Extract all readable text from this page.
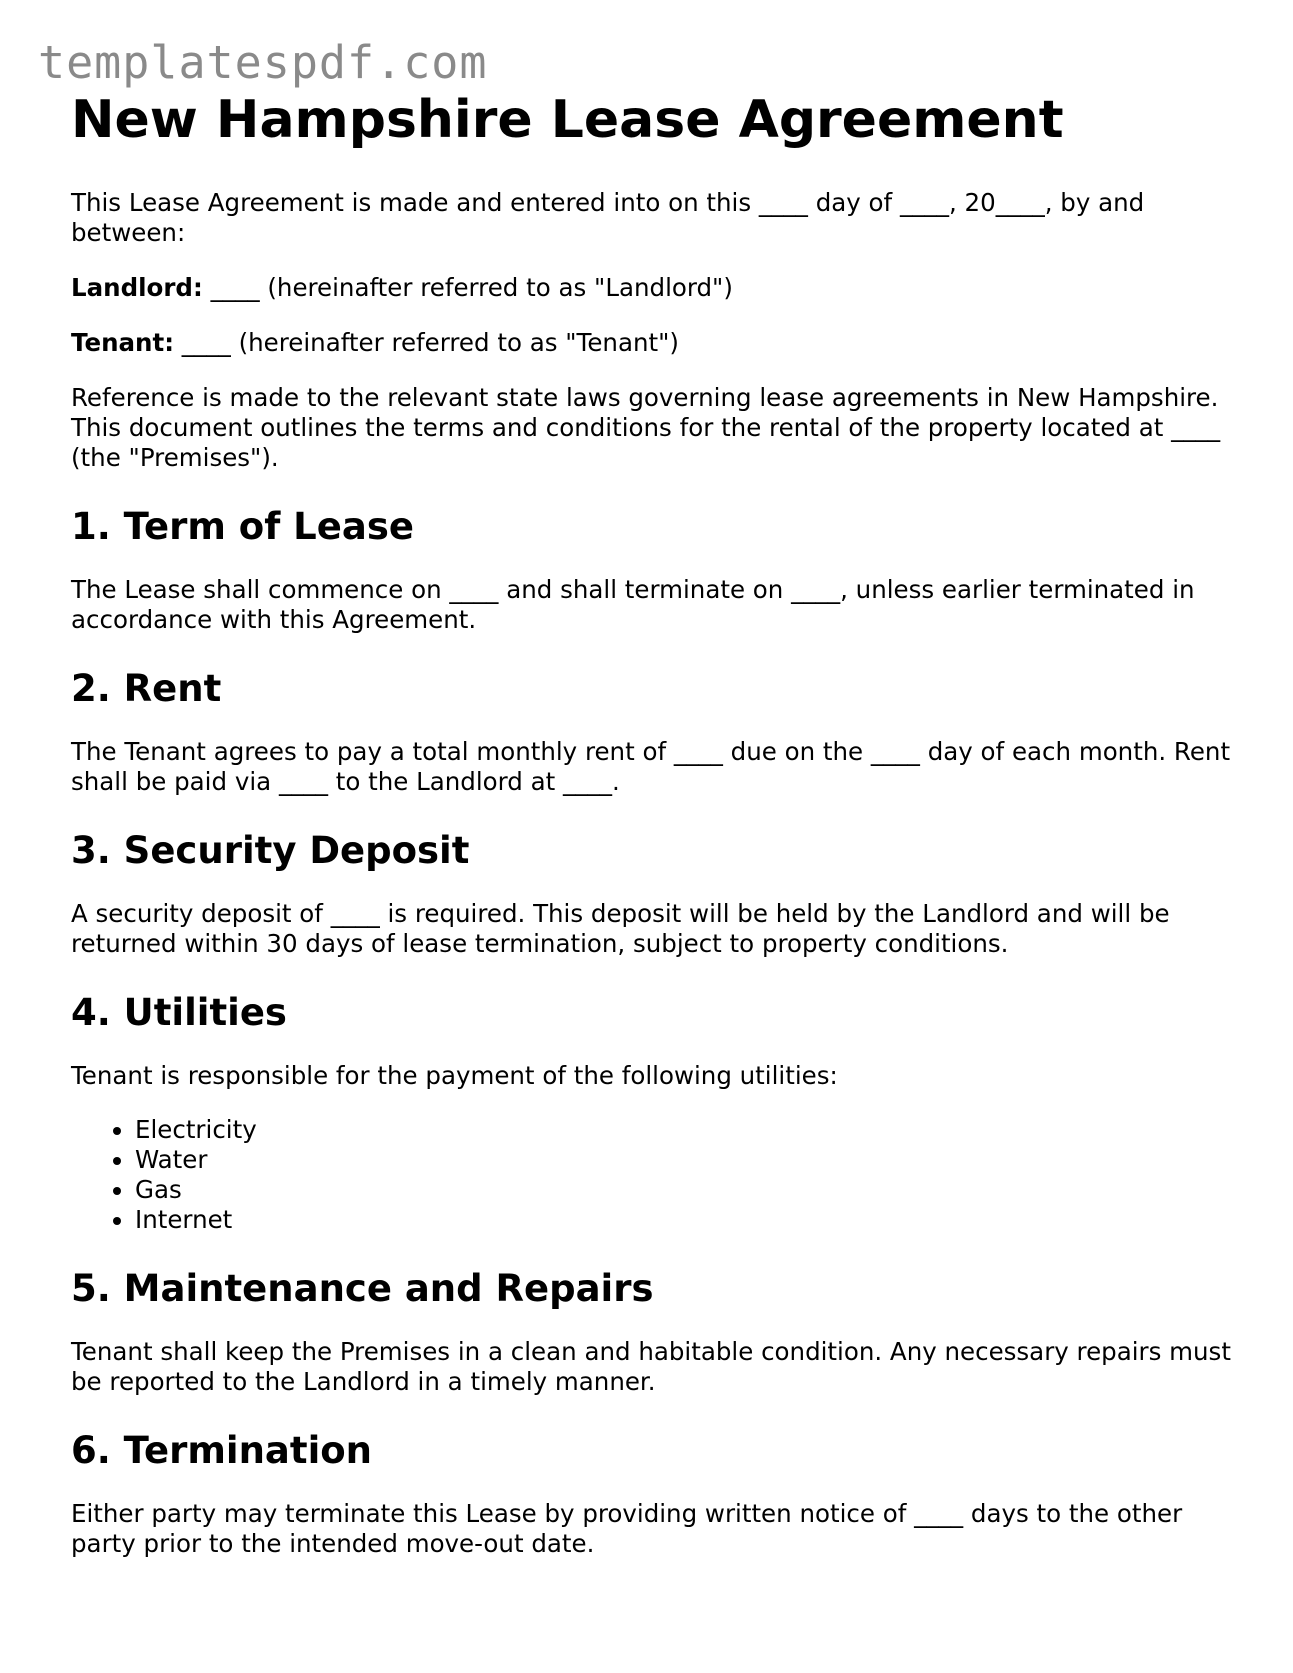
templatespdf.com
New Hampshire Lease Agreement

This Lease Agreement is made and entered into on this ____ day of ____, 20____, by and between:

Landlord: ____ (hereinafter referred to as "Landlord")

Tenant: ____ (hereinafter referred to as "Tenant")

Reference is made to the relevant state laws governing lease agreements in New Hampshire. This document outlines the terms and conditions for the rental of the property located at ____ (the "Premises").

1. Term of Lease

The Lease shall commence on ____ and shall terminate on ____, unless earlier terminated in accordance with this Agreement.

2. Rent

The Tenant agrees to pay a total monthly rent of ____ due on the ____ day of each month. Rent shall be paid via ____ to the Landlord at ____.

3. Security Deposit

A security deposit of ____ is required. This deposit will be held by the Landlord and will be returned within 30 days of lease termination, subject to property conditions.

4. Utilities

Tenant is responsible for the payment of the following utilities:

• Electricity
• Water
• Gas
• Internet
5. Maintenance and Repairs

Tenant shall keep the Premises in a clean and habitable condition. Any necessary repairs must be reported to the Landlord in a timely manner.

6. Termination

Either party may terminate this Lease by providing written notice of ____ days to the other party prior to the intended move-out date.
